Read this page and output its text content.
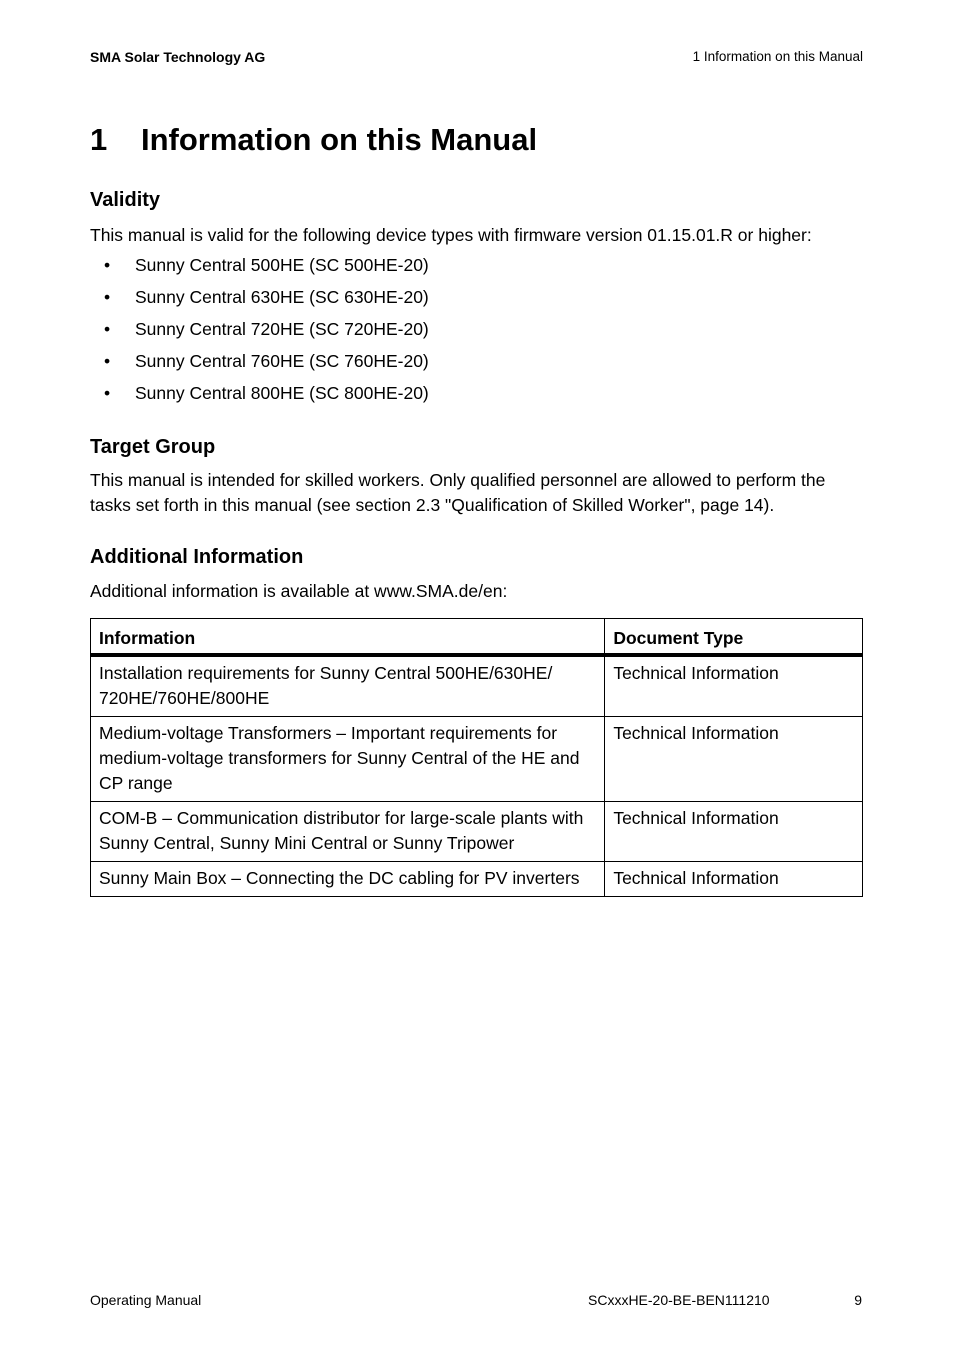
SMA Solar Technology AG	1 Information on this Manual
1	Information on this Manual
Validity
This manual is valid for the following device types with firmware version 01.15.01.R or higher:
•	Sunny Central 500HE (SC 500HE-20)
•	Sunny Central 630HE (SC 630HE-20)
•	Sunny Central 720HE (SC 720HE-20)
•	Sunny Central 760HE (SC 760HE-20)
•	Sunny Central 800HE (SC 800HE-20)
Target Group
This manual is intended for skilled workers. Only qualified personnel are allowed to perform the tasks set forth in this manual (see section 2.3 "Qualification of Skilled Worker", page 14).
Additional Information
Additional information is available at www.SMA.de/en:
Information	Document Type
Installation requirements for Sunny Central 500HE/630HE/ 720HE/760HE/800HE	Technical Information
Medium-voltage Transformers – Important requirements for medium-voltage transformers for Sunny Central of the HE and CP range	Technical Information
COM-B – Communication distributor for large-scale plants with Sunny Central, Sunny Mini Central or Sunny Tripower	Technical Information
Sunny Main Box – Connecting the DC cabling for PV inverters	Technical Information
Operating Manual	SCxxxHE-20-BE-BEN111210	9
